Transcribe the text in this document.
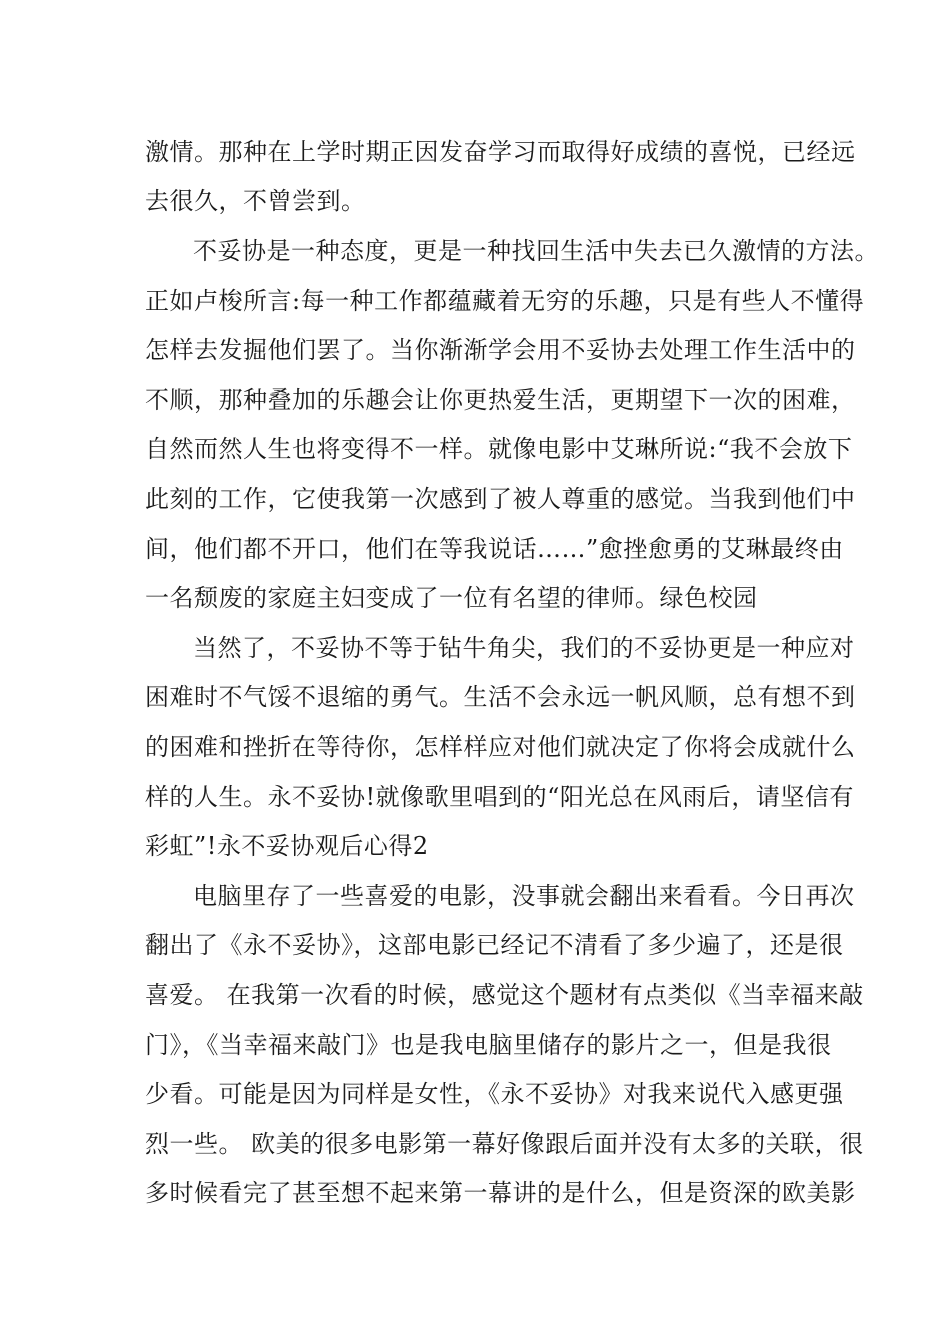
激情。那种在上学时期正因发奋学习而取得好成绩的喜悦，已经远
去很久，不曾尝到。
不妥协是一种态度，更是一种找回生活中失去已久激情的方法。
正如卢梭所言:每一种工作都蕴藏着无穷的乐趣，只是有些人不懂得
怎样去发掘他们罢了。当你渐渐学会用不妥协去处理工作生活中的
不顺，那种叠加的乐趣会让你更热爱生活，更期望下一次的困难，
自然而然人生也将变得不一样。就像电影中艾琳所说:“我不会放下
此刻的工作，它使我第一次感到了被人尊重的感觉。当我到他们中
间，他们都不开口，他们在等我说话……”愈挫愈勇的艾琳最终由
一名颓废的家庭主妇变成了一位有名望的律师。绿色校园
当然了，不妥协不等于钻牛角尖，我们的不妥协更是一种应对
困难时不气馁不退缩的勇气。生活不会永远一帆风顺，总有想不到
的困难和挫折在等待你，怎样样应对他们就决定了你将会成就什么
样的人生。永不妥协!就像歌里唱到的“阳光总在风雨后，请坚信有
彩虹”!永不妥协观后心得2
电脑里存了一些喜爱的电影，没事就会翻出来看看。今日再次
翻出了《永不妥协》，这部电影已经记不清看了多少遍了，还是很
喜爱。 在我第一次看的时候，感觉这个题材有点类似《当幸福来敲
门》，《当幸福来敲门》也是我电脑里储存的影片之一，但是我很
少看。可能是因为同样是女性，《永不妥协》对我来说代入感更强
烈一些。 欧美的很多电影第一幕好像跟后面并没有太多的关联，很
多时候看完了甚至想不起来第一幕讲的是什么，但是资深的欧美影
